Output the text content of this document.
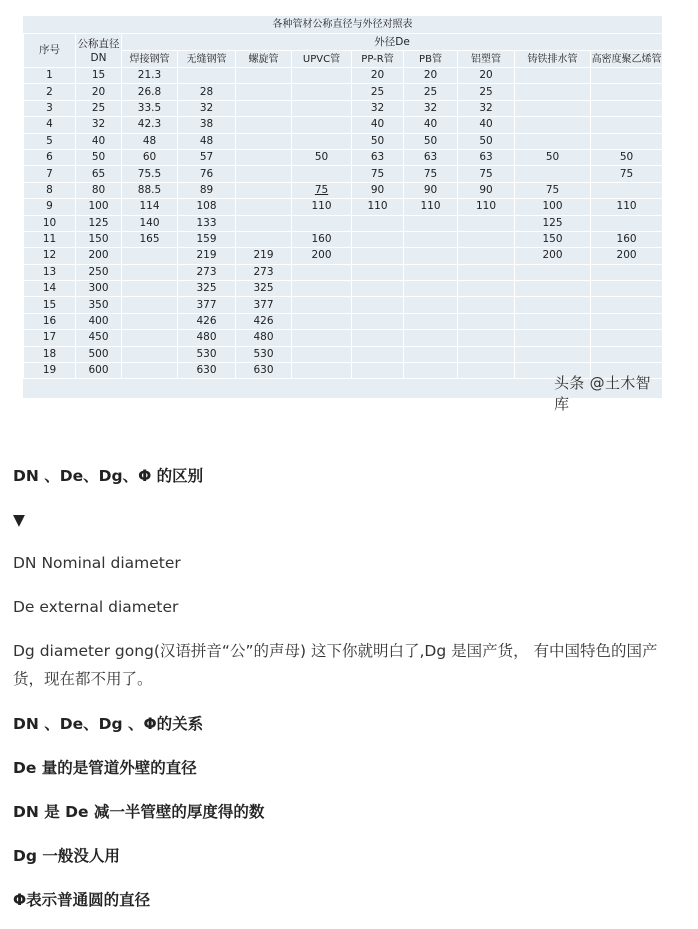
各种管材公称直径与外径对照表
序号	公称直径DN	外径De								
		焊接钢管	无缝钢管	螺旋管	UPVC管	PP-R管	PB管	铝塑管	铸铁排水管	高密度聚乙烯管
1	15	21.3				20	20	20		
2	20	26.8	28			25	25	25		
3	25	33.5	32			32	32	32		
4	32	42.3	38			40	40	40		
5	40	48	48			50	50	50		
6	50	60	57		50	63	63	63	50	50
7	65	75.5	76			75	75	75		75
8	80	88.5	89		75	90	90	90	75	
9	100	114	108		110	110	110	110	100	110
10	125	140	133						125	
11	150	165	159		160				150	160
12	200		219	219	200				200	200
13	250		273	273						
14	300		325	325						
15	350		377	377						
16	400		426	426						
17	450		480	480						
18	500		530	530						
19	600		630	630						
头条 @土木智库
DN 、De、Dg、Φ 的区别
▼
DN Nominal diameter
De external diameter
Dg diameter gong(汉语拼音“公”的声母) 这下你就明白了,Dg 是国产货， 有中国特色的国产货，现在都不用了。
DN 、De、Dg 、Φ的关系
De 量的是管道外壁的直径
DN 是 De 减一半管壁的厚度得的数
Dg 一般没人用
Φ表示普通圆的直径
